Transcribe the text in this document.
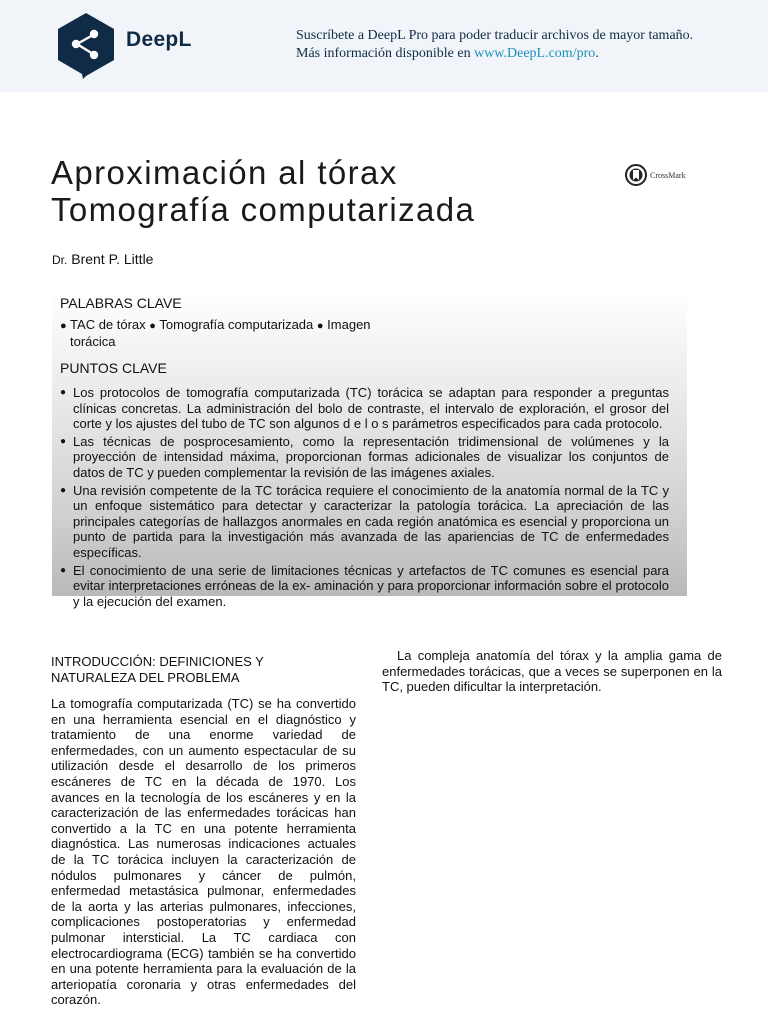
DeepL	Suscríbete a DeepL Pro para poder traducir archivos de mayor tamaño.
Más información disponible en www.DeepL.com/pro.
Aproximación al tórax
Tomografía computarizada
CrossMark
Dr. Brent P. Little

PALABRAS CLAVE

● TAC de tórax ● Tomografía computarizada ● Imagen
torácica

PUNTOS CLAVE

● Los protocolos de tomografía computarizada (TC) torácica se adaptan para responder a preguntas clínicas concretas. La administración del bolo de contraste, el intervalo de exploración, el grosor del corte y los ajustes del tubo de TC son algunos d e l o s parámetros especificados para cada protocolo.
● Las técnicas de posprocesamiento, como la representación tridimensional de volúmenes y la proyección de intensidad máxima, proporcionan formas adicionales de visualizar los conjuntos de datos de TC y pueden complementar la revisión de las imágenes axiales.
● Una revisión competente de la TC torácica requiere el conocimiento de la anatomía normal de la TC y un enfoque sistemático para detectar y caracterizar la patología torácica. La apreciación de las principales categorías de hallazgos anormales en cada región anatómica es esencial y proporciona un punto de partida para la investigación más avanzada de las apariencias de TC de enfermedades específicas.
● El conocimiento de una serie de limitaciones técnicas y artefactos de TC comunes es esencial para evitar interpretaciones erróneas de la ex- aminación y para proporcionar información sobre el protocolo y la ejecución del examen.
INTRODUCCIÓN: DEFINICIONES Y
NATURALEZA DEL PROBLEMA

La tomografía computarizada (TC) se ha convertido en una herramienta esencial en el diagnóstico y tratamiento de una enorme variedad de enfermedades, con un aumento espectacular de su utilización desde el desarrollo de los primeros escáneres de TC en la década de 1970. Los avances en la tecnología de los escáneres y en la caracterización de las enfermedades torácicas han convertido a la TC en una potente herramienta diagnóstica. Las numerosas indicaciones actuales de la TC torácica incluyen la caracterización de nódulos pulmonares y cáncer de pulmón, enfermedad metastásica pulmonar, enfermedades de la aorta y las arterias pulmonares, infecciones, complicaciones postoperatorias y enfermedad pulmonar intersticial. La TC cardiaca con electrocardiograma (ECG) también se ha convertido en una potente herramienta para la evaluación de la arteriopatía coronaria y otras enfermedades del corazón.

La compleja anatomía del tórax y la amplia gama de enfermedades torácicas, que a veces se superponen en la TC, pueden dificultar la interpretación.
